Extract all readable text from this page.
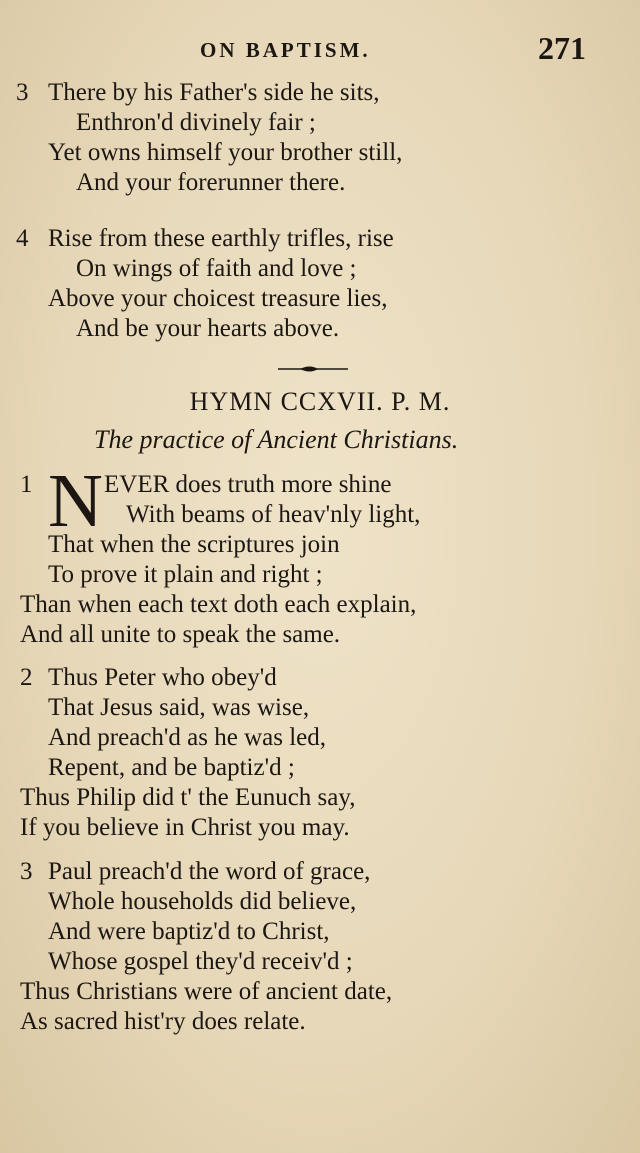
ON BAPTISM.	271
3 There by his Father's side he sits,
Enthron'd divinely fair ;
Yet owns himself your brother still,
And your forerunner there.
4 Rise from these earthly trifles, rise
On wings of faith and love ;
Above your choicest treasure lies,
And be your hearts above.
HYMN CCXVII. P. M.
The practice of Ancient Christians.
1 N EVER does truth more shine
With beams of heav'nly light,
That when the scriptures join
To prove it plain and right ;
Than when each text doth each explain,
And all unite to speak the same.
2 Thus Peter who obey'd
That Jesus said, was wise,
And preach'd as he was led,
Repent, and be baptiz'd ;
Thus Philip did t' the Eunuch say,
If you believe in Christ you may.
3 Paul preach'd the word of grace,
Whole households did believe,
And were baptiz'd to Christ,
Whose gospel they'd receiv'd ;
Thus Christians were of ancient date,
As sacred hist'ry does relate.
